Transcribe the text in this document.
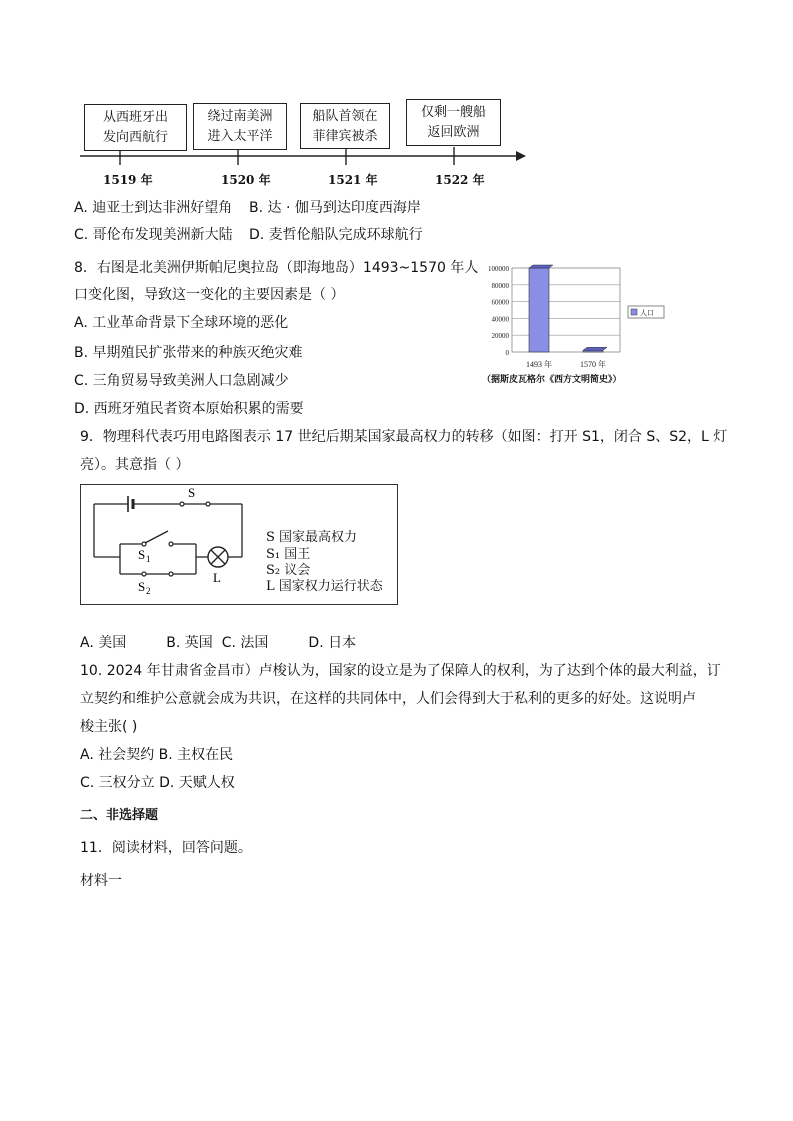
从西班牙出
发向西航行
绕过南美洲
进入太平洋
船队首领在
菲律宾被杀
仅剩一艘船
返回欧洲
1519 年	1520 年	1521 年	1522 年
A. 迪亚士到达非洲好望角 B. 达 · 伽马到达印度西海岸
C. 哥伦布发现美洲新大陆 D. 麦哲伦船队完成环球航行
8．右图是北美洲伊斯帕尼奥拉岛（即海地岛）1493~1570 年人
口变化图，导致这一变化的主要因素是（ ）
A. 工业革命背景下全球环境的恶化
B. 早期殖民扩张带来的种族灭绝灾难
C. 三角贸易导致美洲人口急剧减少
D. 西班牙殖民者资本原始积累的需要
100000
80000
60000
40000
20000
0
1493 年	1570 年
人口
（据斯皮瓦格尔《西方文明简史》）
9．物理科代表巧用电路图表示 17 世纪后期某国家最高权力的转移（如图：打开 S1，闭合 S、S2，L 灯
亮）。其意指（ ）
S
S 1
S 2
L
S 国家最高权力
S₁ 国王
S₂ 议会
L 国家权力运行状态
A. 美国         B. 英国  C. 法国         D. 日本
10. 2024 年甘肃省金昌市）卢梭认为，国家的设立是为了保障人的权利，为了达到个体的最大利益，订
立契约和维护公意就会成为共识，在这样的共同体中，人们会得到大于私利的更多的好处。这说明卢
梭主张( )
A. 社会契约 B. 主权在民
C. 三权分立 D. 天赋人权
二、非选择题
11．阅读材料，回答问题。
材料一
